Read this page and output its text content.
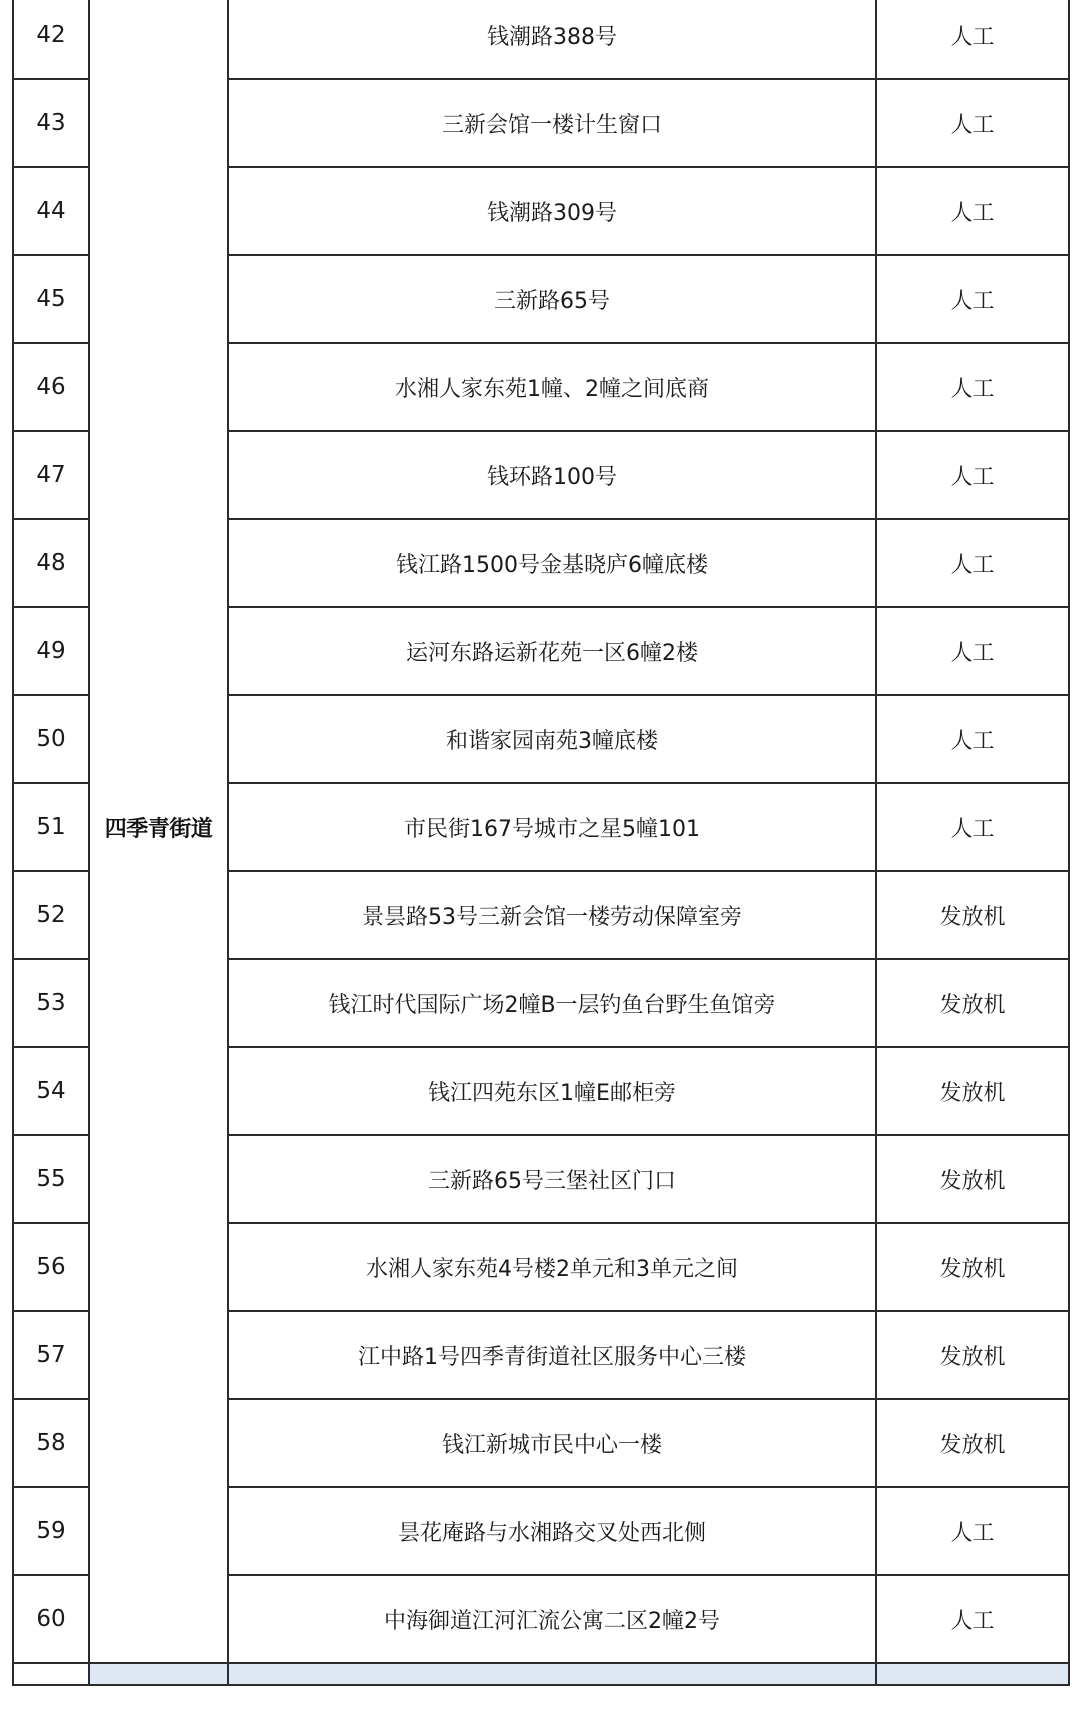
42	四季青街道	钱潮路388号	人工
43		三新会馆一楼计生窗口	人工
44		钱潮路309号	人工
45		三新路65号	人工
46		水湘人家东苑1幢、2幢之间底商	人工
47		钱环路100号	人工
48		钱江路1500号金基晓庐6幢底楼	人工
49		运河东路运新花苑一区6幢2楼	人工
50		和谐家园南苑3幢底楼	人工
51		市民街167号城市之星5幢101	人工
52		景昙路53号三新会馆一楼劳动保障室旁	发放机
53		钱江时代国际广场2幢B一层钓鱼台野生鱼馆旁	发放机
54		钱江四苑东区1幢E邮柜旁	发放机
55		三新路65号三堡社区门口	发放机
56		水湘人家东苑4号楼2单元和3单元之间	发放机
57		江中路1号四季青街道社区服务中心三楼	发放机
58		钱江新城市民中心一楼	发放机
59		昙花庵路与水湘路交叉处西北侧	人工
60		中海御道江河汇流公寓二区2幢2号	人工
